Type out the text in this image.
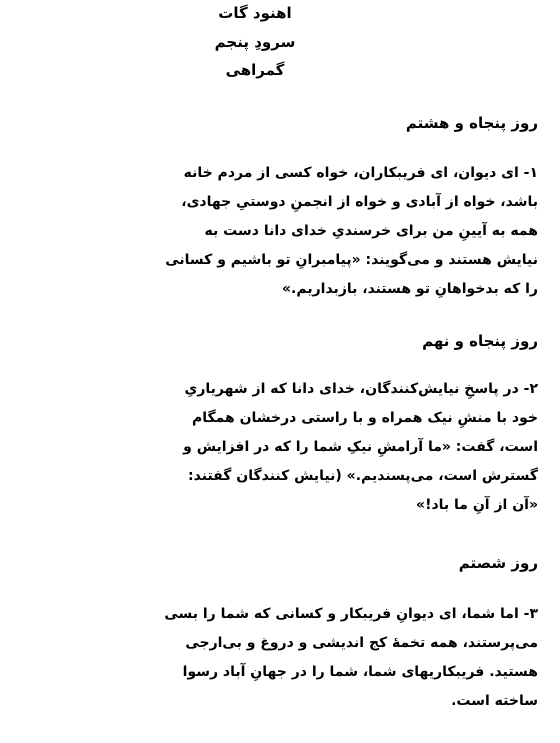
اهنود گات
سرودِ پنجم
گمراهی
روز پنجاه و هشتم
۱- ای دیوان، ای فریبکاران، خواه کسی از مردم خانه
باشد، خواه از آبادی و خواه از انجمنِ دوستیِ جهادی،
همه به آیینِ من برای خرسندیِ خدای دانا دست به
نیایش هستند و می‌گویند: «پیامبرانِ تو باشیم و کسانی
را که بدخواهانِ تو هستند، بازبداریم.»
روز پنجاه و نهم
۲- در پاسخِ نیایش‌کنندگان، خدای دانا که از شهریاریِ
خود با منشِ نیک همراه و با راستی درخشان همگام
است، گفت: «ما آرامشِ نیکِ شما را که در افزایش و
گسترش است، می‌پسندیم.» (نیایش کنندگان گفتند:
«آن از آنِ ما باد!»
روز شصتم
۳- اما شما، ای دیوانِ فریبکار و کسانی که شما را بسی
می‌پرستند، همه تخمهٔ کج اندیشی و دروغ و بی‌ارجی
هستید. فریبکاریهای شما، شما را در جهانِ آباد رسوا
ساخته است.
